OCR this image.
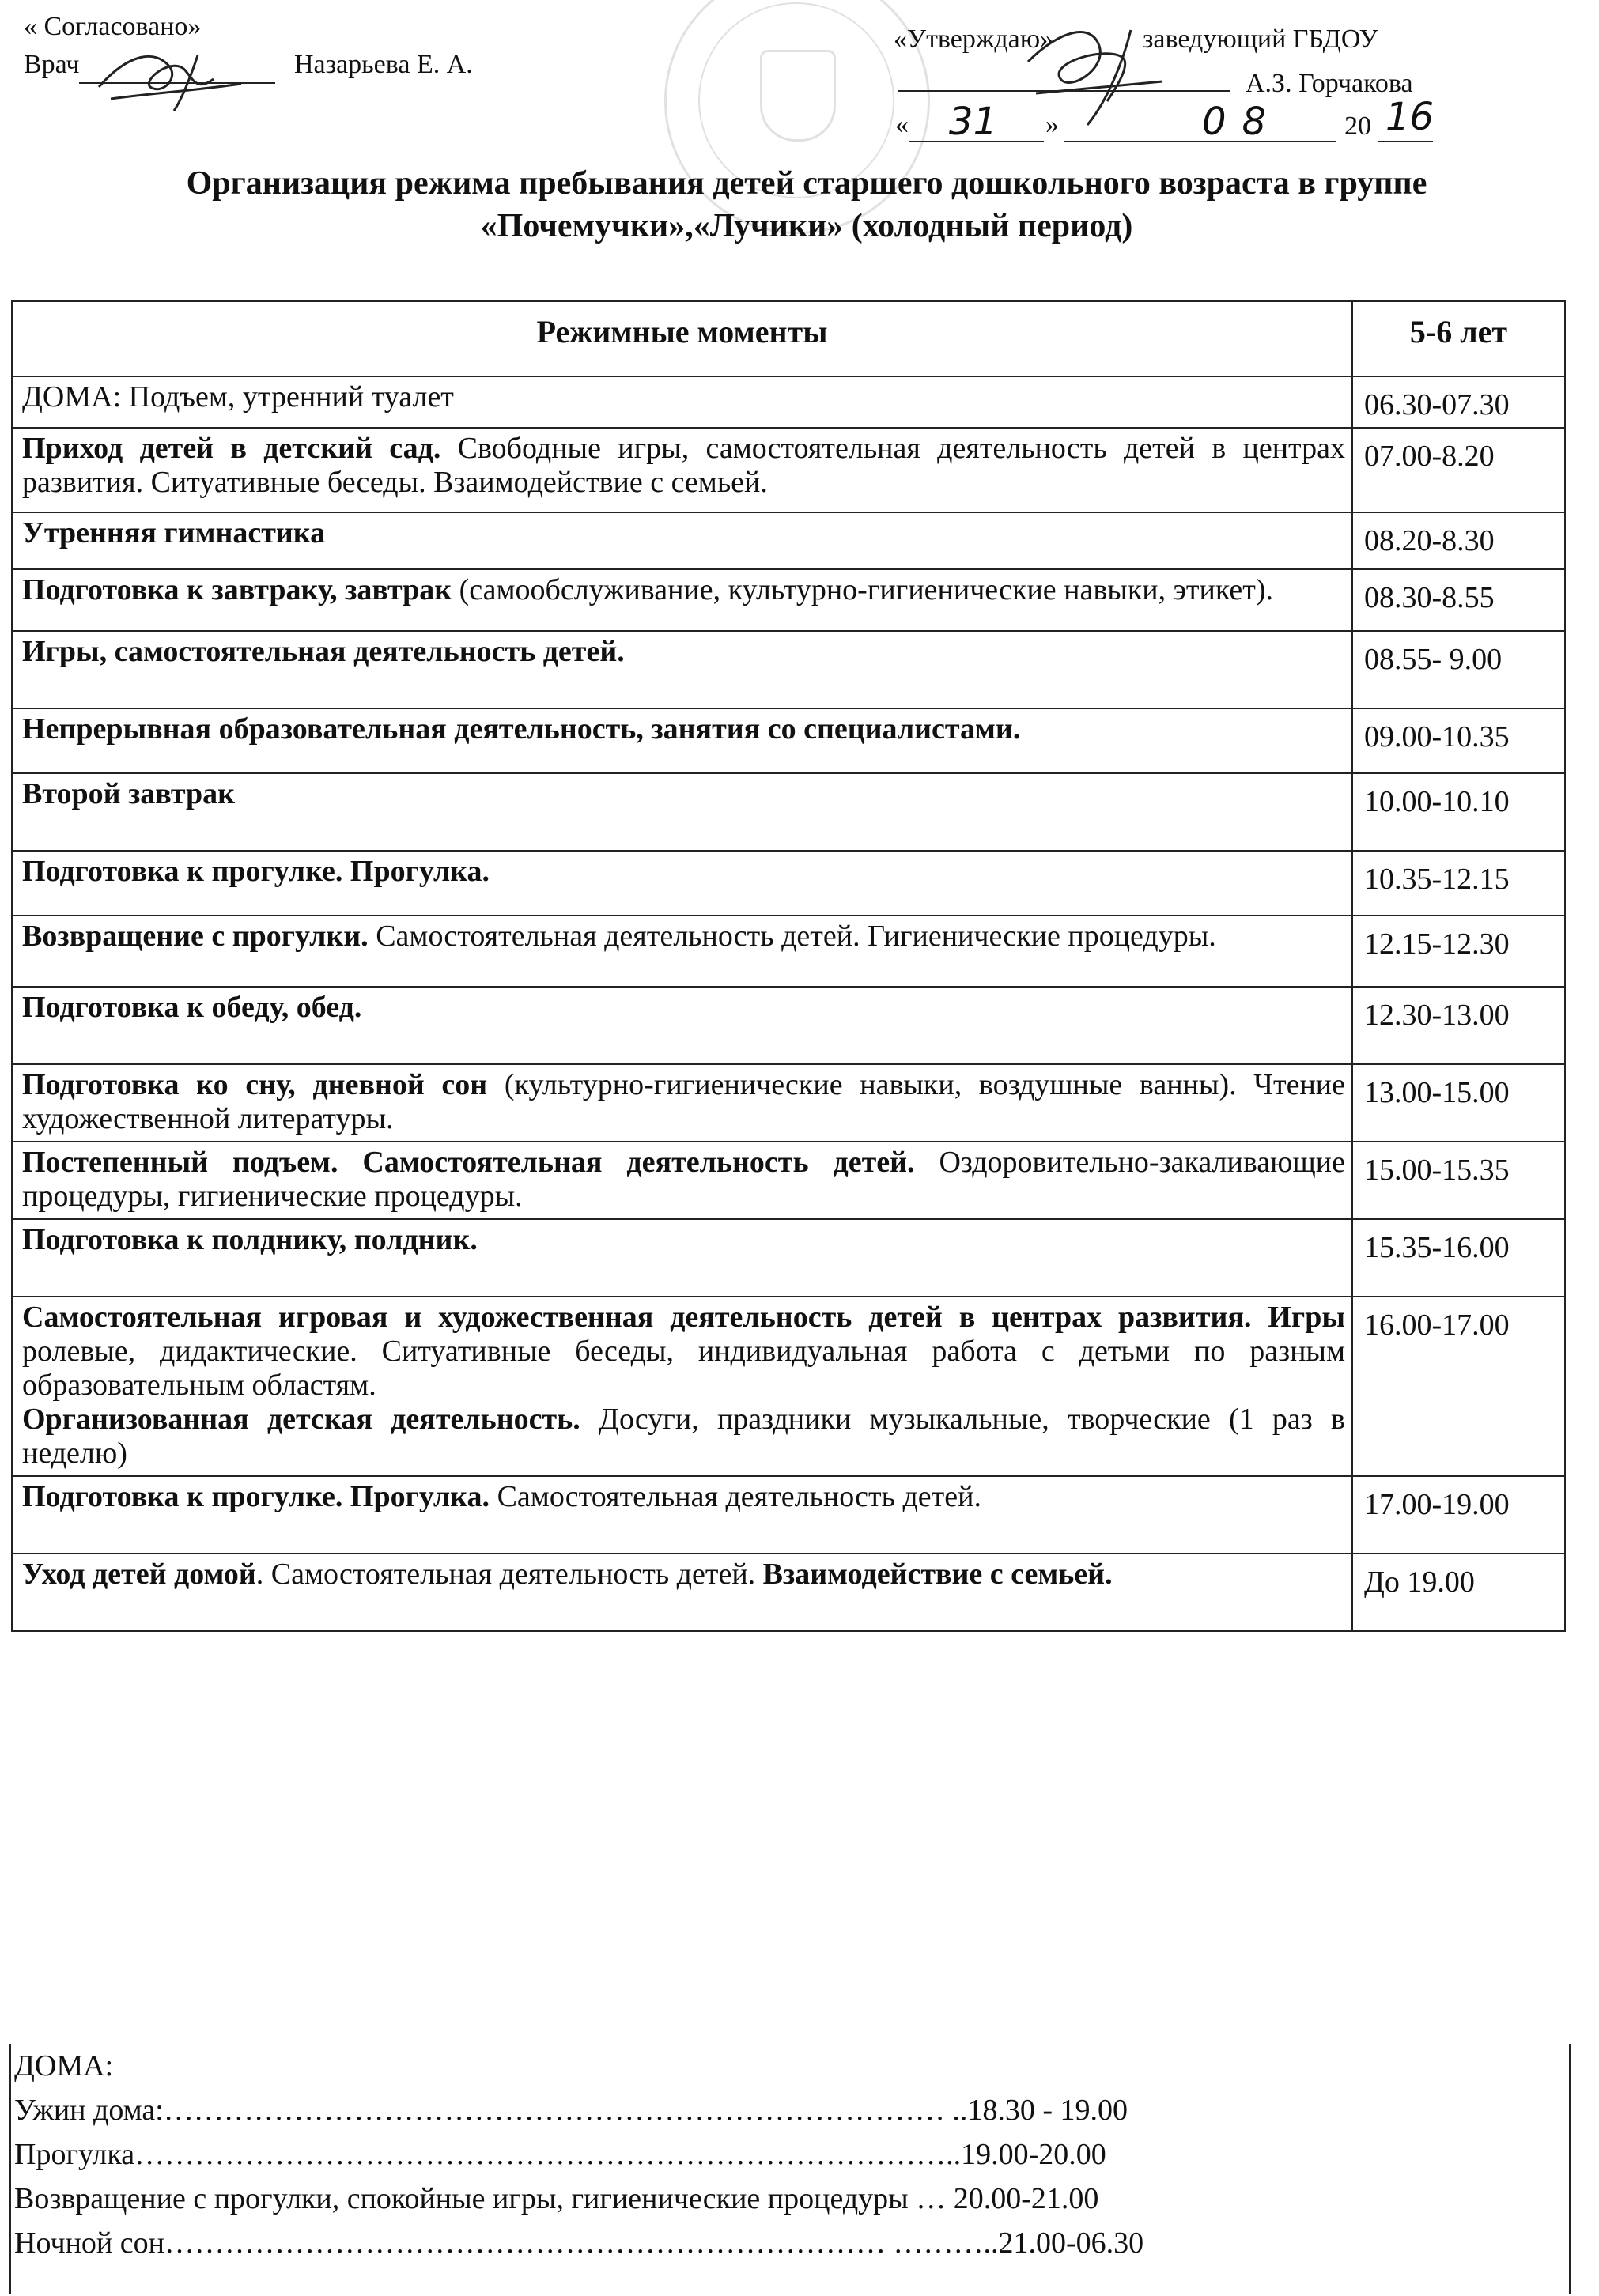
« Согласовано»
Врач	Назарьева Е. А.
«Утверждаю»	заведующий ГБДОУ
А.З. Горчакова
« 31 »	08 20 16
Организация режима пребывания детей старшего дошкольного возраста в группе
«Почемучки»,«Лучики» (холодный период)
Режимные моменты	5-6 лет
ДОМА: Подъем, утренний туалет	06.30-07.30
Приход детей в детский сад. Свободные игры, самостоятельная деятельность детей в центрах развития. Ситуативные беседы. Взаимодействие с семьей.	07.00-8.20
Утренняя гимнастика	08.20-8.30
Подготовка к завтраку, завтрак (самообслуживание, культурно-гигиенические навыки, этикет).	08.30-8.55
Игры, самостоятельная деятельность детей.	08.55- 9.00
Непрерывная образовательная деятельность, занятия со специалистами.	09.00-10.35
Второй завтрак	10.00-10.10
Подготовка к прогулке. Прогулка.	10.35-12.15
Возвращение с прогулки. Самостоятельная деятельность детей. Гигиенические процедуры.	12.15-12.30
Подготовка к обеду, обед.	12.30-13.00
Подготовка ко сну, дневной сон (культурно-гигиенические навыки, воздушные ванны). Чтение художественной литературы.	13.00-15.00
Постепенный подъем. Самостоятельная деятельность детей. Оздоровительно-закаливающие процедуры, гигиенические процедуры.	15.00-15.35
Подготовка к полднику, полдник.	15.35-16.00
Самостоятельная игровая и художественная деятельность детей в центрах развития. Игры ролевые, дидактические. Ситуативные беседы, индивидуальная работа с детьми по разным образовательным областям.
Организованная детская деятельность. Досуги, праздники музыкальные, творческие (1 раз в неделю)	16.00-17.00
Подготовка к прогулке. Прогулка. Самостоятельная деятельность детей.	17.00-19.00
Уход детей домой. Самостоятельная деятельность детей. Взаимодействие с семьей.	До 19.00
ДОМА:
Ужин дома:…………………………………………………………………… ..18.30 - 19.00
Прогулка………………………………………………………………………..19.00-20.00
Возвращение с прогулки, спокойные игры, гигиенические процедуры … 20.00-21.00
Ночной сон……………………………………………………………… ………..21.00-06.30
